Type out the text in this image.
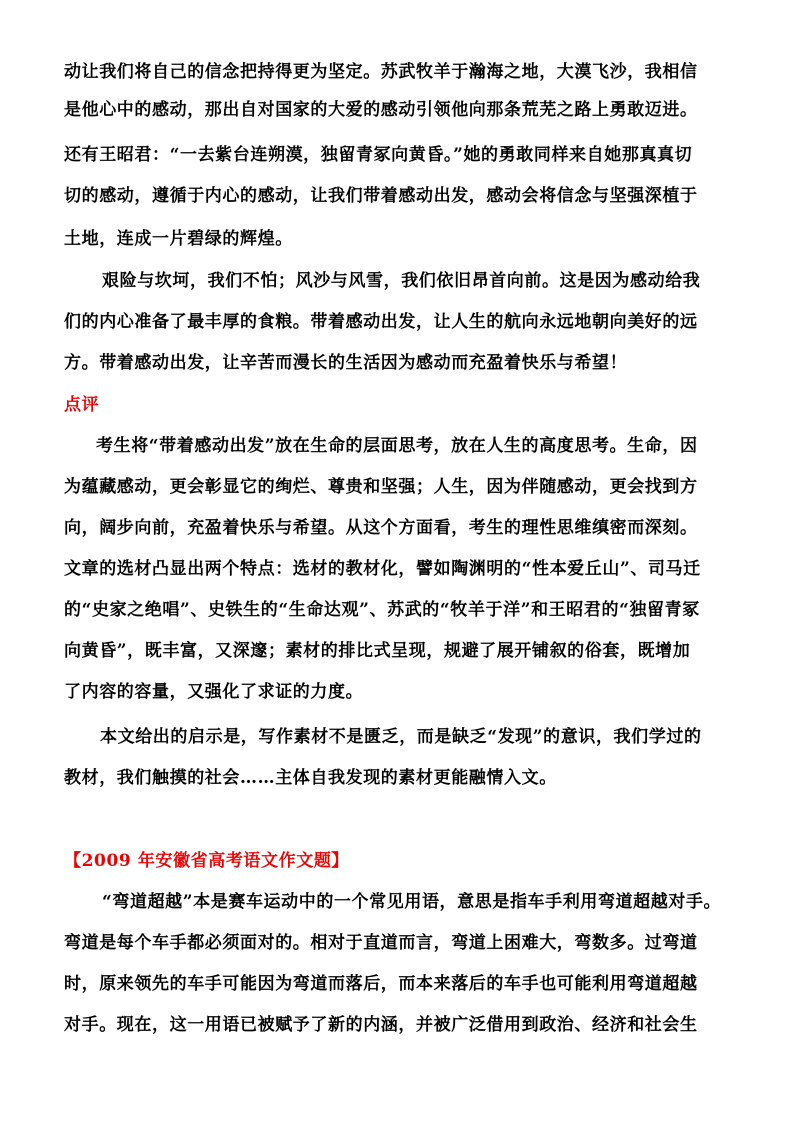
动让我们将自己的信念把持得更为坚定。苏武牧羊于瀚海之地，大漠飞沙，我相信
是他心中的感动，那出自对国家的大爱的感动引领他向那条荒芜之路上勇敢迈进。
还有王昭君：“一去紫台连朔漠，独留青冢向黄昏。”她的勇敢同样来自她那真真切
切的感动，遵循于内心的感动，让我们带着感动出发，感动会将信念与坚强深植于
土地，连成一片碧绿的辉煌。
艰险与坎坷，我们不怕；风沙与风雪，我们依旧昂首向前。这是因为感动给我
们的内心准备了最丰厚的食粮。带着感动出发，让人生的航向永远地朝向美好的远
方。带着感动出发，让辛苦而漫长的生活因为感动而充盈着快乐与希望！
点评
考生将“带着感动出发”放在生命的层面思考，放在人生的高度思考。生命，因
为蕴藏感动，更会彰显它的绚烂、尊贵和坚强；人生，因为伴随感动，更会找到方
向，阔步向前，充盈着快乐与希望。从这个方面看，考生的理性思维缜密而深刻。
文章的选材凸显出两个特点：选材的教材化，譬如陶渊明的“性本爱丘山”、司马迁
的“史家之绝唱”、史铁生的“生命达观”、苏武的“牧羊于洋”和王昭君的“独留青冢
向黄昏”，既丰富，又深邃；素材的排比式呈现，规避了展开铺叙的俗套，既增加
了内容的容量，又强化了求证的力度。
本文给出的启示是，写作素材不是匮乏，而是缺乏“发现”的意识，我们学过的
教材，我们触摸的社会……主体自我发现的素材更能融情入文。
【2009 年安徽省高考语文作文题】
“弯道超越”本是赛车运动中的一个常见用语，意思是指车手利用弯道超越对手。
弯道是每个车手都必须面对的。相对于直道而言，弯道上困难大，弯数多。过弯道
时，原来领先的车手可能因为弯道而落后，而本来落后的车手也可能利用弯道超越
对手。现在，这一用语已被赋予了新的内涵，并被广泛借用到政治、经济和社会生
